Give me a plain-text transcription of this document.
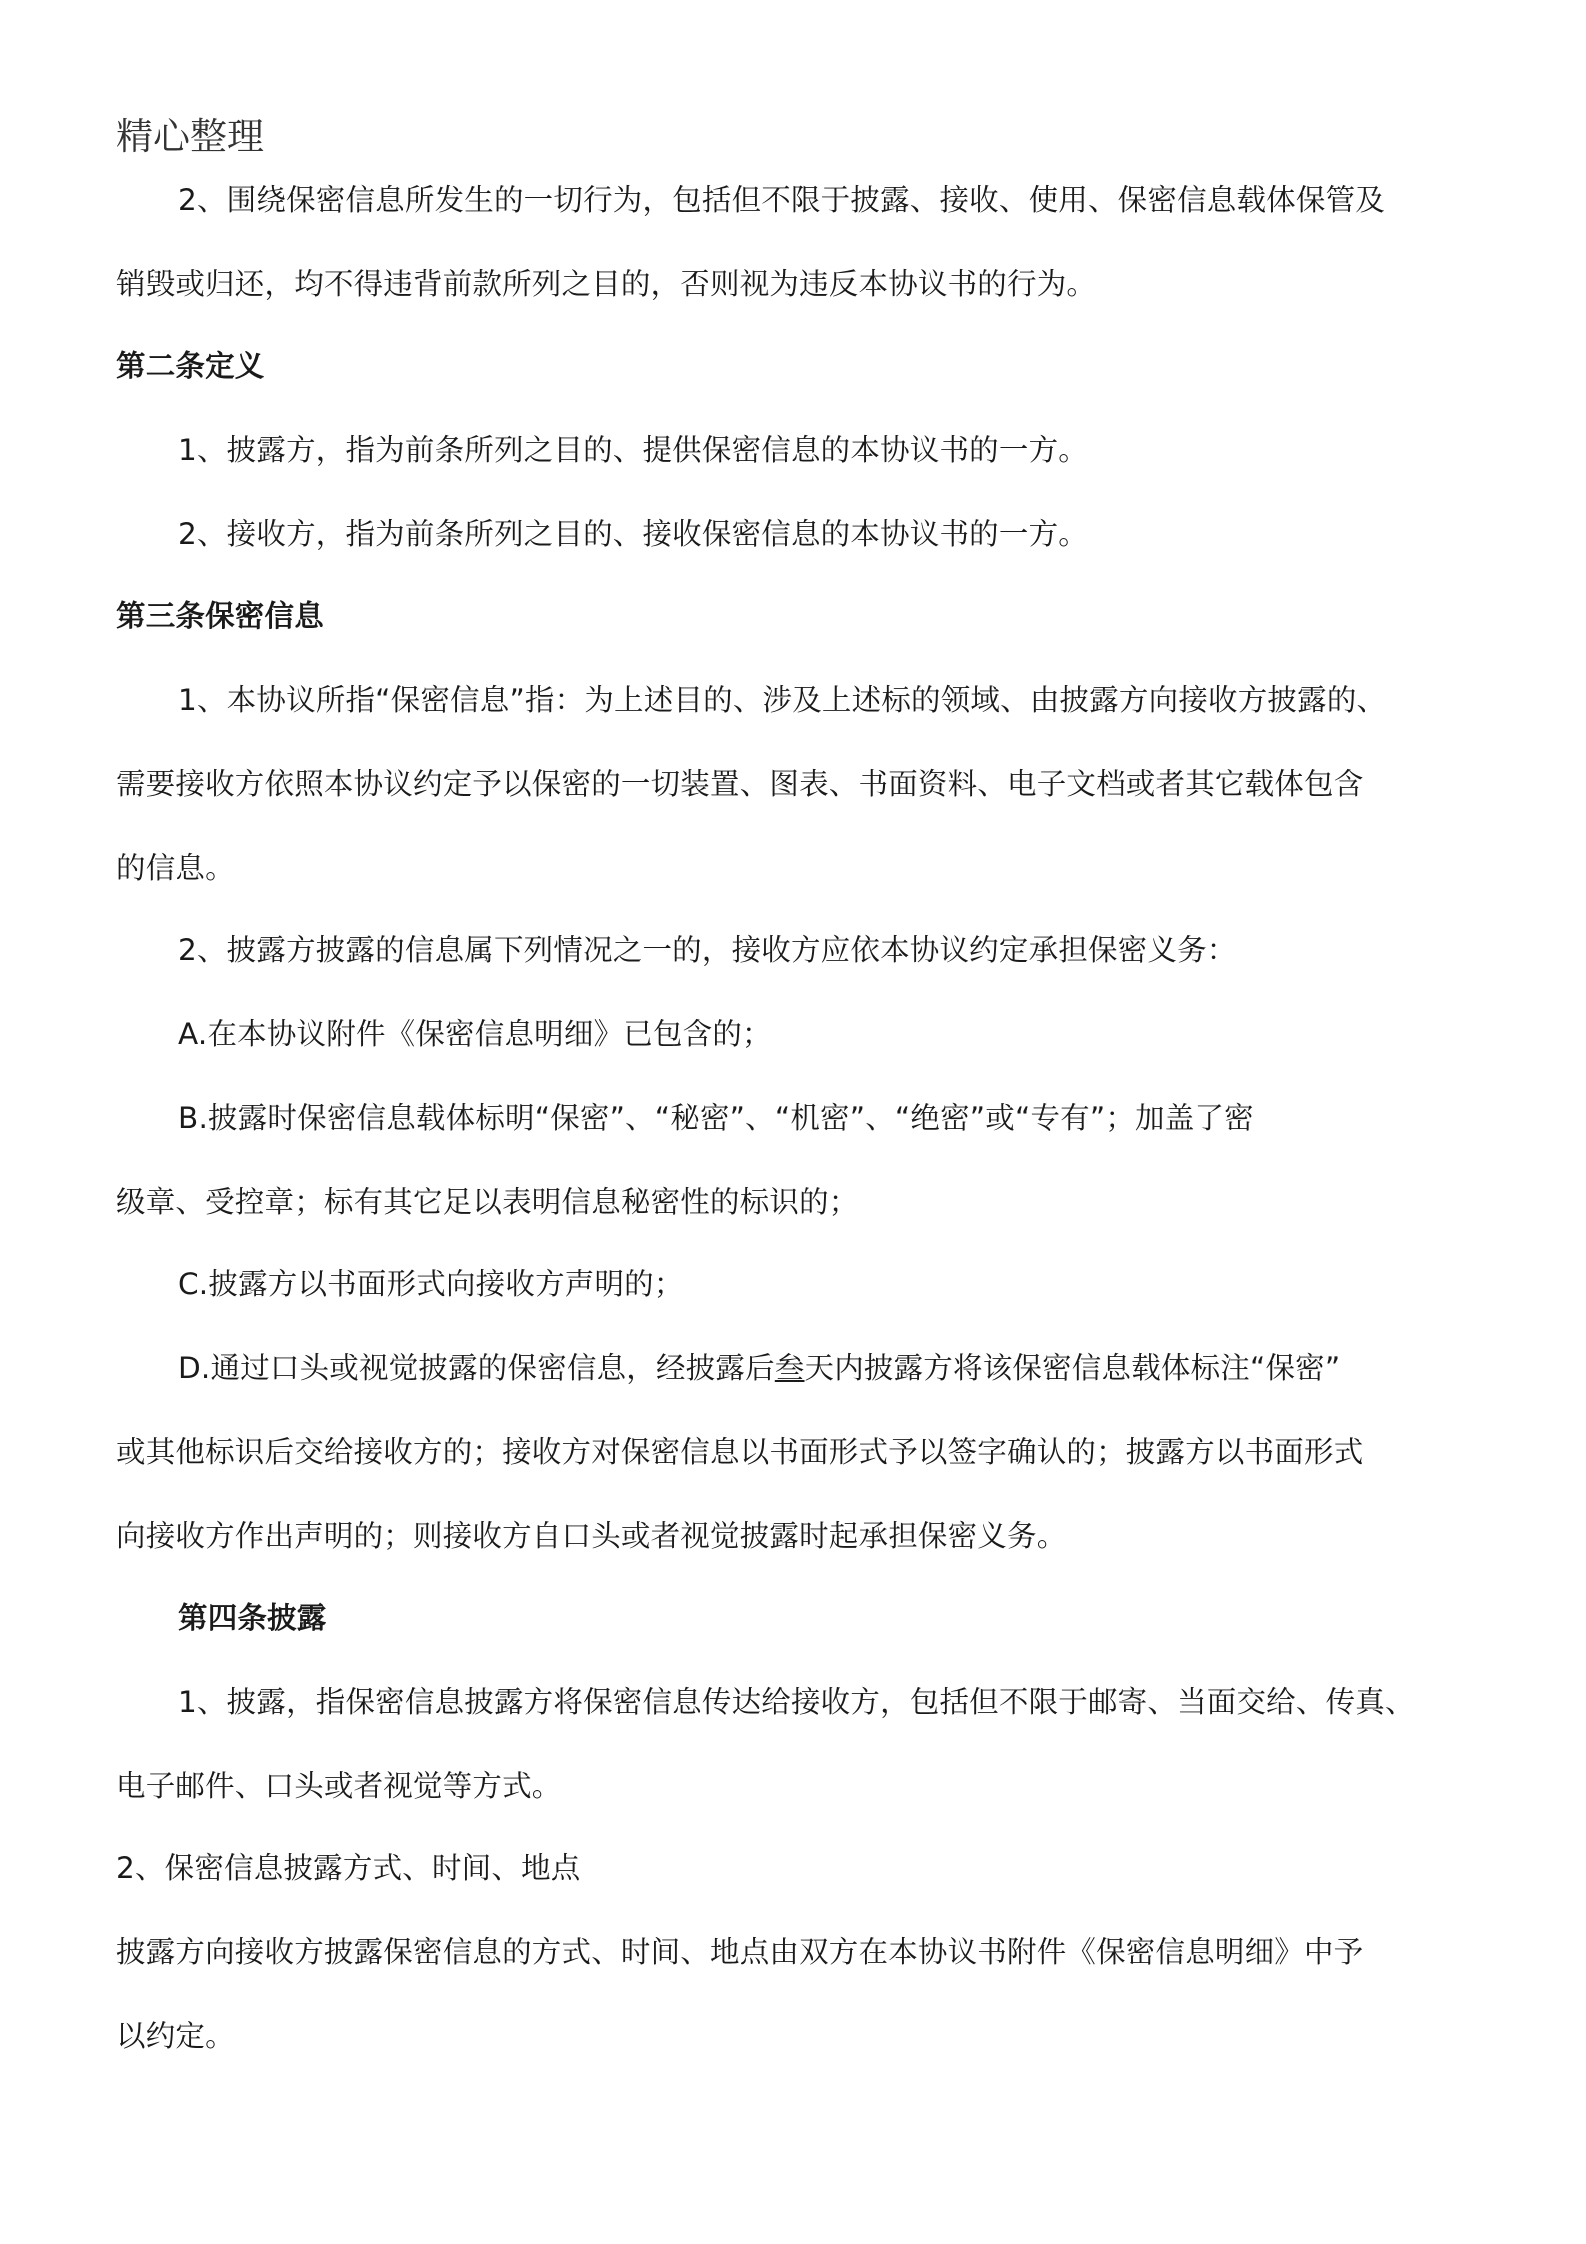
精心整理
2、围绕保密信息所发生的一切行为，包括但不限于披露、接收、使用、保密信息载体保管及
销毁或归还，均不得违背前款所列之目的，否则视为违反本协议书的行为。
第二条定义
1、披露方，指为前条所列之目的、提供保密信息的本协议书的一方。
2、接收方，指为前条所列之目的、接收保密信息的本协议书的一方。
第三条保密信息
1、本协议所指“保密信息”指：为上述目的、涉及上述标的领域、由披露方向接收方披露的、
需要接收方依照本协议约定予以保密的一切装置、图表、书面资料、电子文档或者其它载体包含
的信息。
2、披露方披露的信息属下列情况之一的，接收方应依本协议约定承担保密义务：
A.在本协议附件《保密信息明细》已包含的；
B.披露时保密信息载体标明“保密”、“秘密”、“机密”、“绝密”或“专有”；加盖了密
级章、受控章；标有其它足以表明信息秘密性的标识的；
C.披露方以书面形式向接收方声明的；
D.通过口头或视觉披露的保密信息，经披露后叁天内披露方将该保密信息载体标注“保密”
或其他标识后交给接收方的；接收方对保密信息以书面形式予以签字确认的；披露方以书面形式
向接收方作出声明的；则接收方自口头或者视觉披露时起承担保密义务。
第四条披露
1、披露，指保密信息披露方将保密信息传达给接收方，包括但不限于邮寄、当面交给、传真、
电子邮件、口头或者视觉等方式。
2、保密信息披露方式、时间、地点
披露方向接收方披露保密信息的方式、时间、地点由双方在本协议书附件《保密信息明细》中予
以约定。
